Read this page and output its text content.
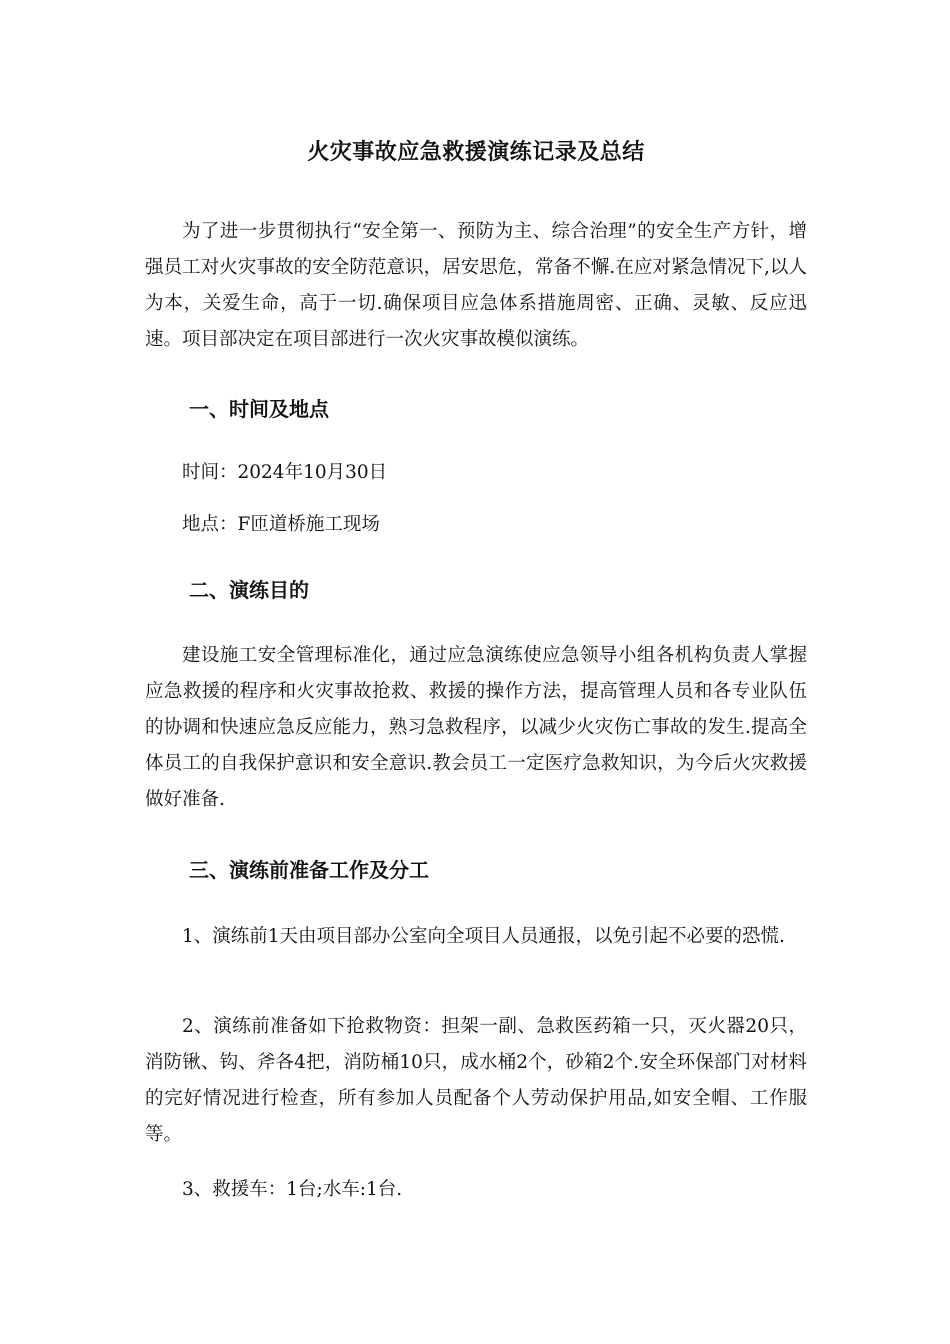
火灾事故应急救援演练记录及总结

为了进一步贯彻执行“安全第一、预防为主、综合治理”的安全生产方针，增强员工对火灾事故的安全防范意识，居安思危，常备不懈.在应对紧急情况下,以人为本，关爱生命，高于一切.确保项目应急体系措施周密、正确、灵敏、反应迅速。项目部决定在项目部进行一次火灾事故模似演练。

一、时间及地点

时间：2024年10月30日

地点：F匝道桥施工现场

二、演练目的

建设施工安全管理标准化，通过应急演练使应急领导小组各机构负责人掌握应急救援的程序和火灾事故抢救、救援的操作方法，提高管理人员和各专业队伍的协调和快速应急反应能力，熟习急救程序，以减少火灾伤亡事故的发生.提高全体员工的自我保护意识和安全意识.教会员工一定医疗急救知识，为今后火灾救援做好准备.

三、演练前准备工作及分工

1、演练前1天由项目部办公室向全项目人员通报，以免引起不必要的恐慌.

2、演练前准备如下抢救物资：担架一副、急救医药箱一只，灭火器20只，消防锹、钩、斧各4把，消防桶10只，成水桶2个，砂箱2个.安全环保部门对材料的完好情况进行检查，所有参加人员配备个人劳动保护用品,如安全帽、工作服等。

3、救援车：1台;水车:1台.
